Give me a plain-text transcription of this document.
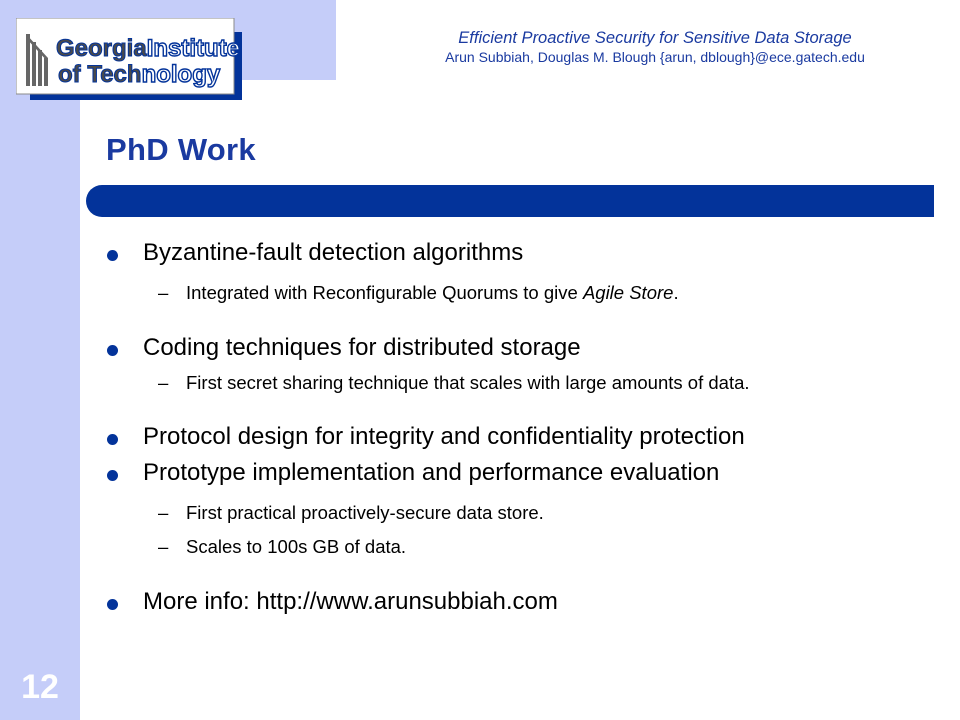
GeorgiaInstitute
of Technology
Efficient Proactive Security for Sensitive Data Storage
Arun Subbiah, Douglas M. Blough {arun, dblough}@ece.gatech.edu
PhD Work
Byzantine-fault detection algorithms
– Integrated with Reconfigurable Quorums to give Agile Store.
Coding techniques for distributed storage
– First secret sharing technique that scales with large amounts of data.
Protocol design for integrity and confidentiality protection
Prototype implementation and performance evaluation
– First practical proactively-secure data store.
– Scales to 100s GB of data.
More info: http://www.arunsubbiah.com
12
